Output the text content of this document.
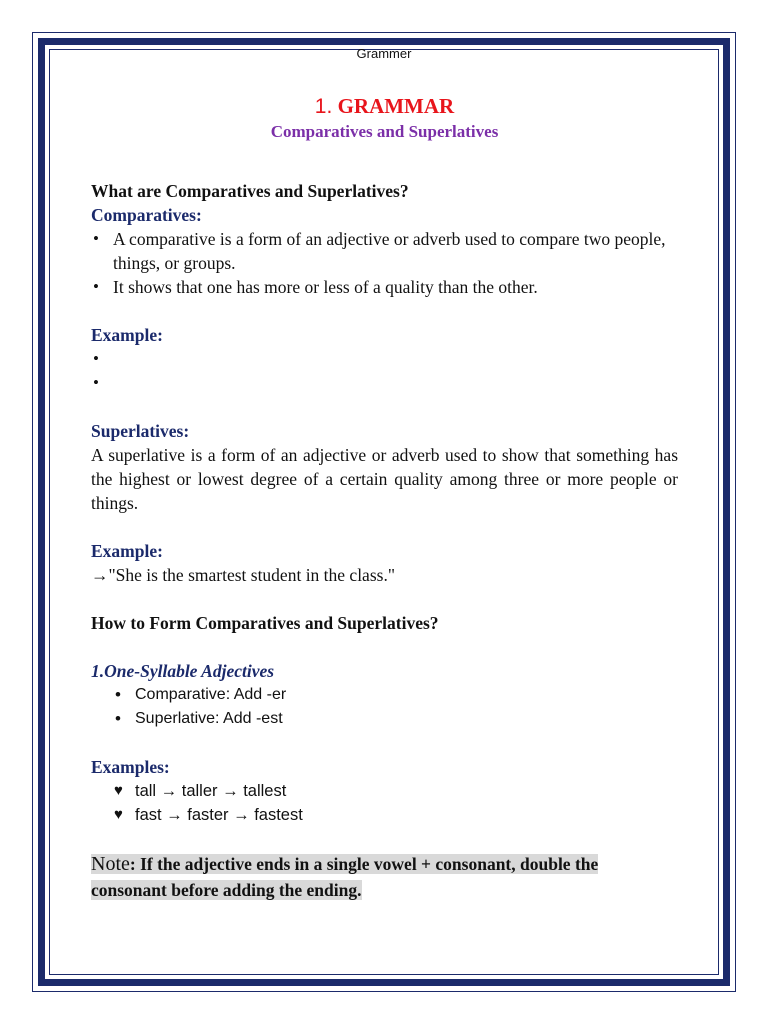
Grammer

1. GRAMMAR

Comparatives and Superlatives

What are Comparatives and Superlatives?

Comparatives:

• A comparative is a form of an adjective or adverb used to compare two people, things, or groups.
• It shows that one has more or less of a quality than the other.

Example:

•
•

Superlatives:

A superlative is a form of an adjective or adverb used to show that something has the highest or lowest degree of a certain quality among three or more people or things.

Example:

→"She is the smartest student in the class."

How to Form Comparatives and Superlatives?

1.One-Syllable Adjectives

• Comparative: Add -er
• Superlative: Add -est

Examples:

♥ tall → taller → tallest
♥ fast → faster → fastest

Note: If the adjective ends in a single vowel + consonant, double the consonant before adding the ending.
